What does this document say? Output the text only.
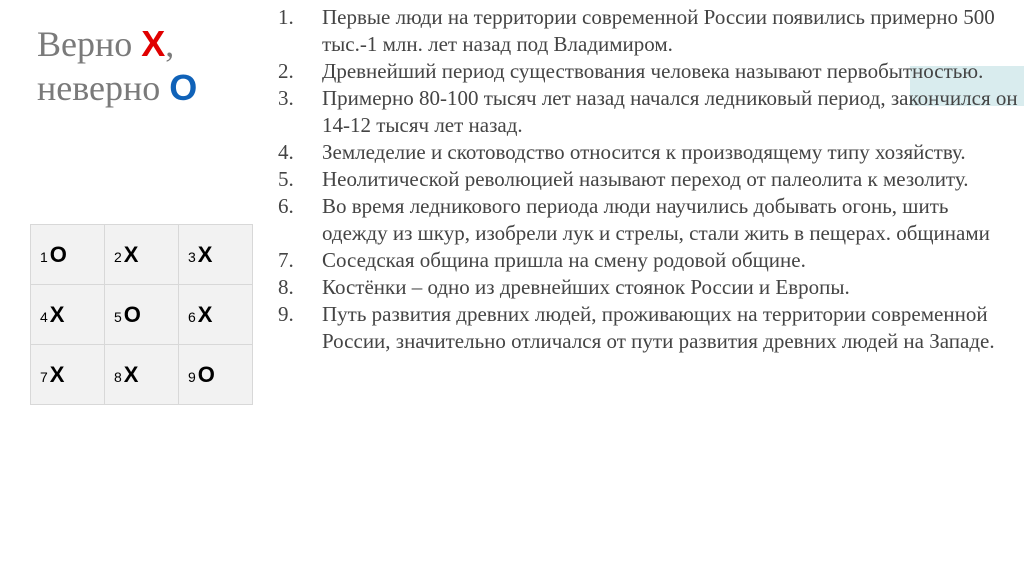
Верно X,
неверно O
1O	2X	3X

4X	5O	6X

7X	8X	9O
1.	Первые люди на территории современной России появились примерно 500 тыс.-1 млн. лет назад под Владимиром.
2.	Древнейший период существования человека называют первобытностью.
3.	Примерно 80-100 тысяч лет назад начался ледниковый период, закончился он 14-12 тысяч лет назад.
4.	Земледелие и скотоводство относится к производящему типу хозяйству.
5.	Неолитической революцией называют переход от палеолита к мезолиту.
6.	Во время ледникового периода люди научились добывать огонь, шить одежду из шкур, изобрели лук и стрелы, стали жить в пещерах. общинами
7.	Соседская община пришла на смену родовой общине.
8.	Костёнки – одно из древнейших стоянок России и Европы.
9.	Путь развития древних людей, проживающих на территории современной России, значительно отличался от пути развития древних людей на Западе.
